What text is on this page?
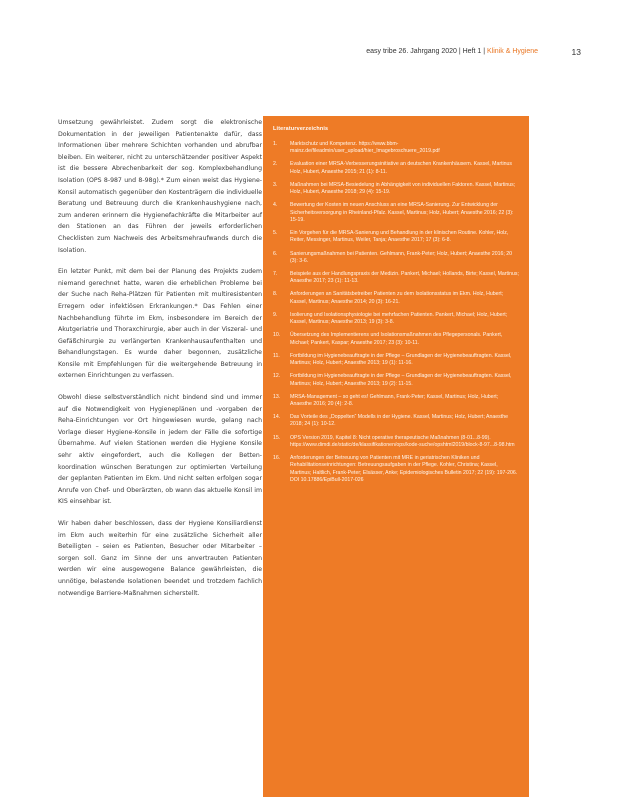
easy tribe 26. Jahrgang 2020 | Heft 1 | Klinik & Hygiene	13

Umsetzung gewährleistet. Zudem sorgt die elektronische Dokumentation in der jeweiligen Patientenakte dafür, dass Informationen über mehrere Schichten vorhanden und abrufbar bleiben. Ein weiterer, nicht zu unterschätzender positiver Aspekt ist die bessere Abrechenbarkeit der sog. Komplexbehandlung Isolation (OPS 8-987 und 8-98g).* Zum einen weist das Hygiene-Konsil automatisch gegenüber den Kostenträgern die individuelle Beratung und Betreuung durch die Krankenhaushygiene nach, zum anderen erinnern die Hygienefachkräfte die Mitarbeiter auf den Stationen an das Führen der jeweils erforderlichen Checklisten zum Nachweis des Arbeitsmehraufwands durch die Isolation.

Ein letzter Punkt, mit dem bei der Planung des Projekts zudem niemand gerechnet hatte, waren die erheblichen Probleme bei der Suche nach Reha-Plätzen für Patienten mit multiresistenten Erregern oder infektiösen Erkrankungen.* Das Fehlen einer Nachbehandlung führte im Ekm, insbesondere im Bereich der Akutgeriatrie und Thoraxchirurgie, aber auch in der Viszeral- und Gefäßchirurgie zu verlängerten Krankenhausaufenthalten und Behandlungstagen. Es wurde daher begonnen, zusätzliche Konsile mit Empfehlungen für die weitergehende Betreuung in externen Einrichtungen zu verfassen.

Obwohl diese selbstverständlich nicht bindend sind und immer auf die Notwendigkeit von Hygieneplänen und -vorgaben der Reha-Einrichtungen vor Ort hingewiesen wurde, gelang nach Vorlage dieser Hygiene-Konsile in jedem der Fälle die sofortige Übernahme. Auf vielen Stationen werden die Hygiene Konsile sehr aktiv eingefordert, auch die Kollegen der Betten-koordination wünschen Beratungen zur optimierten Verteilung der geplanten Patienten im Ekm. Und nicht selten erfolgen sogar Anrufe von Chef- und Oberärzten, ob wann das aktuelle Konsil im KIS einsehbar ist.

Wir haben daher beschlossen, dass der Hygiene Konsiliardienst im Ekm auch weiterhin für eine zusätzliche Sicherheit aller Beteiligten – seien es Patienten, Besucher oder Mitarbeiter – sorgen soll. Ganz im Sinne der uns anvertrauten Patienten werden wir eine ausgewogene Balance gewährleisten, die unnötige, belastende Isolationen beendet und trotzdem fachlich notwendige Barriere-Maßnahmen sicherstellt.

Literaturverzeichnis
1. Marktschutz und Kompetenz. https://www.bbm-mainz.de/fileadmin/user_upload/hier_Imagebroschuere_2019.pdf
2. Evaluation einer MRSA-Verbesserungsinitiative an deutschen Krankenhäusern. Kassel, Martinus Holz, Hubert, Anaesthe 2015; 21 (1): 8-11.
3. Maßnahmen bei MRSA-Besiedelung in Abhängigkeit von individuellen Faktoren. Kassel, Martinus; Holz, Hubert, Anaesthe 2018; 29 (4): 15-19.
4. Bewertung der Kosten im neuen Anschluss an eine MRSA-Sanierung. Zur Entwicklung der Sicherheitsversorgung in Rheinland-Pfalz. Kassel, Martinus; Holz, Hubert; Anaesthe 2016; 22 (3): 15-19.
5. Ein Vorgehen für die MRSA-Sanierung und Behandlung in der klinischen Routine. Kohler, Holz, Reiter, Messinger, Martinus, Weiler, Tanja; Anaesthe 2017; 17 (3): 6-8.
6. Sanierungsmaßnahmen bei Patienten. Gehlmann, Frank-Peter; Holz, Hubert; Anaesthe 2016; 20 (3): 3-6.
7. Beispiele aus der Handlungspraxis der Medizin. Pankert, Michael; Hollands, Birte; Kassel, Martinus; Anaesthe 2017; 23 (1): 11-13.
8. Anforderungen an Sanitätsbetreiber Patienten zu dem Isolationsstatus im Ekm. Holz, Hubert; Kassel, Martinus; Anaesthe 2014; 20 (3): 16-21.
9. Isolierung und Isolationsphysiologie bei mehrfachen Patienten. Pankert, Michael; Holz, Hubert; Kassel, Martinus; Anaesthe 2013; 19 (3): 3-8.
10. Übersetzung des Implementierens und Isolationsmaßnahmen des Pflegepersonals. Pankert, Michael; Pankert, Kaspar; Anaesthe 2017; 23 (3): 10-11.
11. Fortbildung im Hygienebeauftragte in der Pflege – Grundlagen der Hygienebeauftragten. Kassel, Martinus; Holz, Hubert; Anaesthe 2013; 19 (1): 11-16.
12. Fortbildung im Hygienebeauftragte in der Pflege – Grundlagen der Hygienebeauftragten. Kassel, Martinus; Holz, Hubert; Anaesthe 2013; 19 (2): 11-15.
13. MRSA-Management – so geht es! Gehlmann, Frank-Peter; Kassel, Martinus; Holz, Hubert; Anaesthe 2016; 20 (4): 2-8.
14. Das Vorteile des „Doppelten“ Modells in der Hygiene. Kassel, Martinus; Holz, Hubert; Anaesthe 2018; 24 (1): 10-12.
15. OPS Version 2019, Kapitel 8: Nicht operative therapeutische Maßnahmen (8-01...8-99). https://www.dimdi.de/static/de/klassifikationen/ops/kode-suche/opshtml2019/block-8-97...8-98.htm
16. Anforderungen der Betreuung von Patienten mit MRE in geriatrischen Kliniken und Rehabilitationseinrichtungen: Betreuungsaufgaben in der Pflege. Kohler, Christina; Kassel, Martinus; Haltlich, Frank-Peter; Elsässer, Anke; Epidemiologisches Bulletin 2017; 22 (19): 197-206. DOI 10.17886/EpiBull-2017-026
